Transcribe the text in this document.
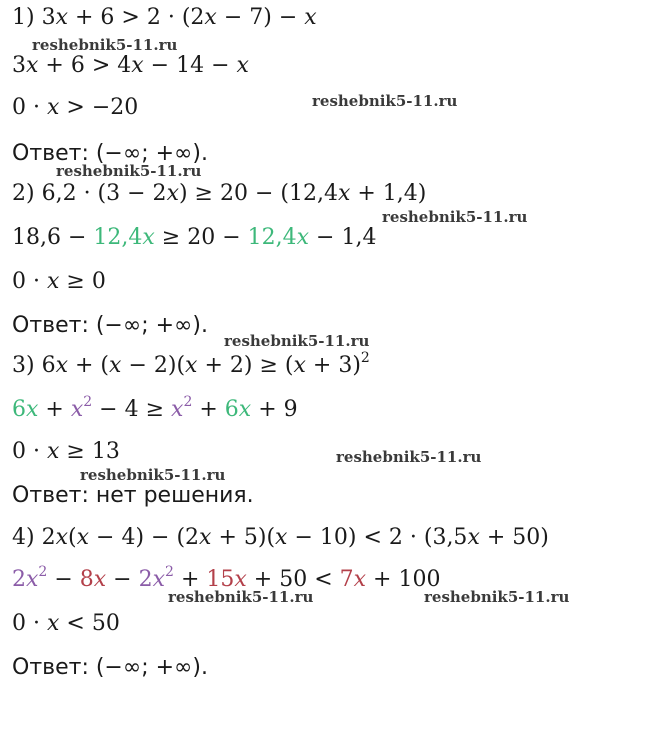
1) 3x + 6 > 2 · (2x − 7) − x
3x + 6 > 4x − 14 − x
0 · x > −20
Ответ: (−∞; +∞).
2) 6,2 · (3 − 2x) ≥ 20 − (12,4x + 1,4)
18,6 − 12,4x ≥ 20 − 12,4x − 1,4
0 · x ≥ 0
Ответ: (−∞; +∞).
3) $6x + (x - 2)(x + 2) \ge (x + 3)^2$
$6x + x^2 - 4 \ge x^2 + 6x + 9$
0 · x ≥ 13
Ответ: нет решения.
4) 2x(x − 4) − (2x + 5)(x − 10) < 2 · (3,5x + 50)
$2x^2 - 8x - 2x^2 + 15x + 50 < 7x + 100$
0 · x < 50
Ответ: (−∞; +∞).
reshebnik5-11.ru
reshebnik5-11.ru
reshebnik5-11.ru
reshebnik5-11.ru
reshebnik5-11.ru
reshebnik5-11.ru
reshebnik5-11.ru
reshebnik5-11.ru	reshebnik5-11.ru
